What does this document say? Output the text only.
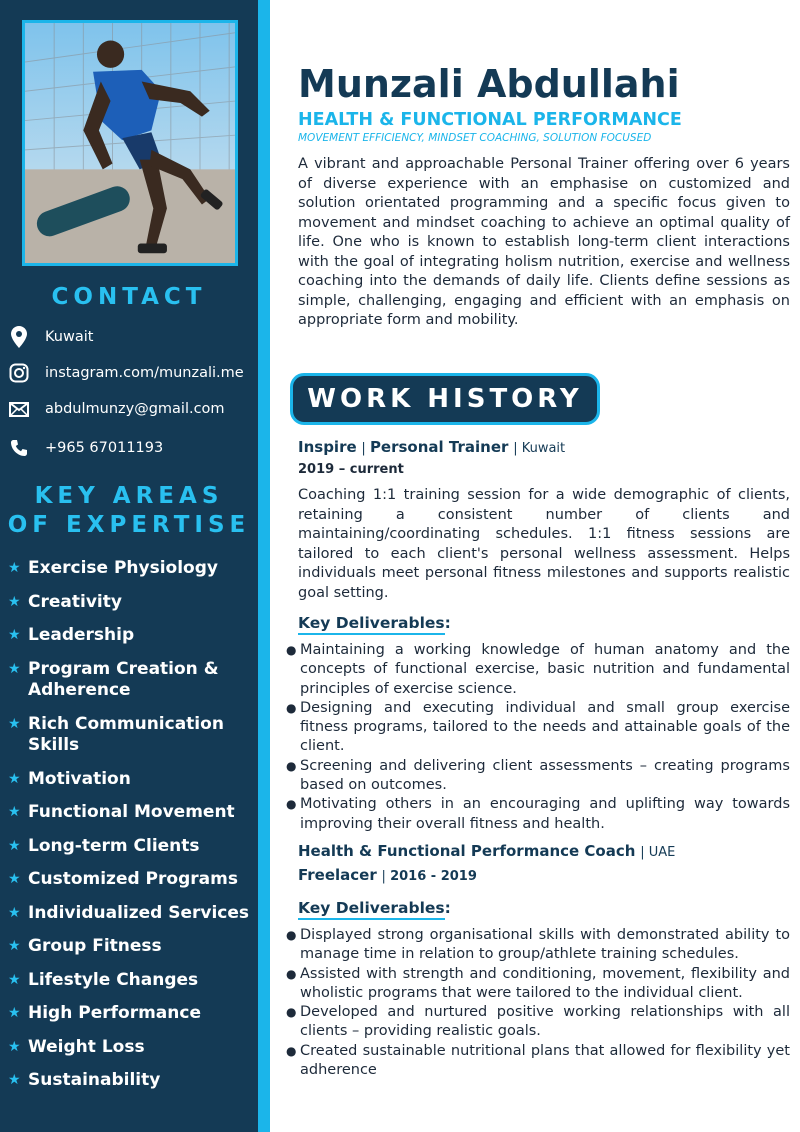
CONTACT
Kuwait
instagram.com/munzali.me
abdulmunzy@gmail.com
+965 67011193
KEY AREAS
OF EXPERTISE
★ Exercise Physiology
★ Creativity
★ Leadership
★ Program Creation & Adherence
★ Rich Communication Skills
★ Motivation
★ Functional Movement
★ Long-term Clients
★ Customized Programs
★ Individualized Services
★ Group Fitness
★ Lifestyle Changes
★ High Performance
★ Weight Loss
★ Sustainability
Munzali Abdullahi
HEALTH & FUNCTIONAL PERFORMANCE
MOVEMENT EFFICIENCY, MINDSET COACHING, SOLUTION FOCUSED

A vibrant and approachable Personal Trainer offering over 6 years of diverse experience with an emphasise on customized and solution orientated programming and a specific focus given to movement and mindset coaching to achieve an optimal quality of life. One who is known to establish long-term client interactions with the goal of integrating holism nutrition, exercise and wellness coaching into the demands of daily life. Clients define sessions as simple, challenging, engaging and efficient with an emphasis on appropriate form and mobility.

WORK HISTORY
Inspire | Personal Trainer | Kuwait
2019 – current

Coaching 1:1 training session for a wide demographic of clients, retaining a consistent number of clients and maintaining/coordinating schedules. 1:1 fitness sessions are tailored to each client's personal wellness assessment. Helps individuals meet personal fitness milestones and supports realistic goal setting.

Key Deliverables:
● Maintaining a working knowledge of human anatomy and the concepts of functional exercise, basic nutrition and fundamental principles of exercise science.
● Designing and executing individual and small group exercise fitness programs, tailored to the needs and attainable goals of the client.
● Screening and delivering client assessments – creating programs based on outcomes.
● Motivating others in an encouraging and uplifting way towards improving their overall fitness and health.
Health & Functional Performance Coach | UAE
Freelacer | 2016 - 2019
Key Deliverables:
● Displayed strong organisational skills with demonstrated ability to manage time in relation to group/athlete training schedules.
● Assisted with strength and conditioning, movement, flexibility and wholistic programs that were tailored to the individual client.
● Developed and nurtured positive working relationships with all clients – providing realistic goals.
● Created sustainable nutritional plans that allowed for flexibility yet adherence
